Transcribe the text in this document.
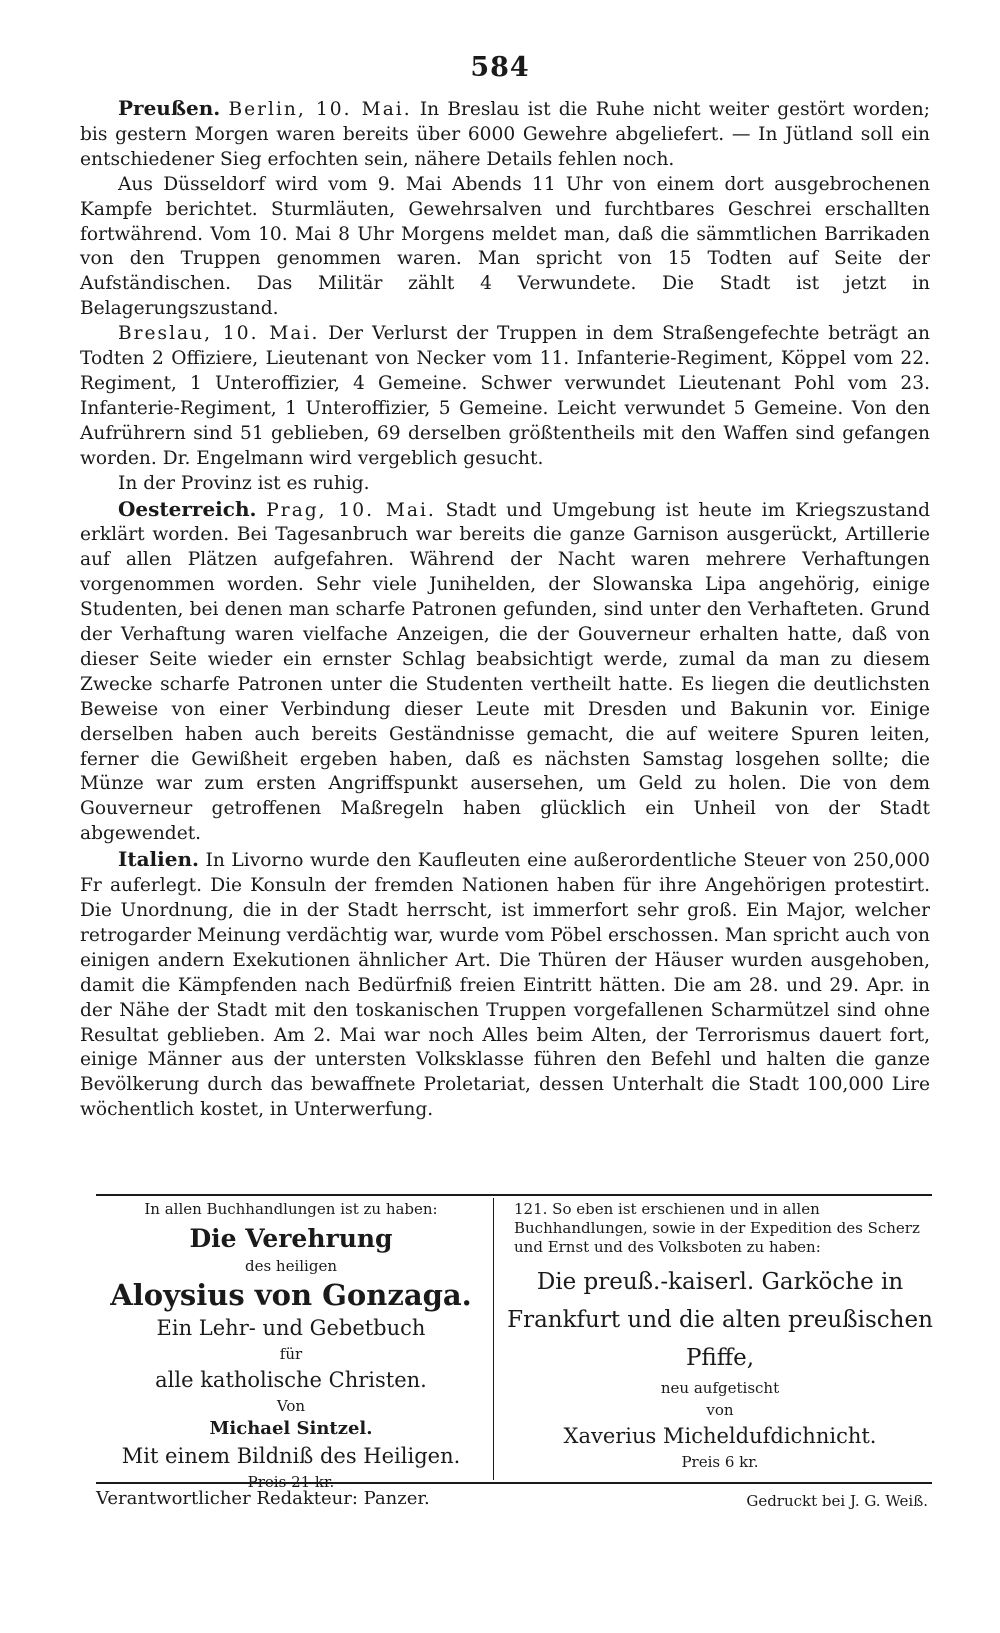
584

Preußen. Berlin, 10. Mai. In Breslau ist die Ruhe nicht weiter gestört worden; bis gestern Morgen waren bereits über 6000 Gewehre abgeliefert. — In Jütland soll ein entschiedener Sieg erfochten sein, nähere Details fehlen noch.

Aus Düsseldorf wird vom 9. Mai Abends 11 Uhr von einem dort ausgebrochenen Kampfe berichtet. Sturmläuten, Gewehrsalven und furchtbares Geschrei erschallten fortwährend. Vom 10. Mai 8 Uhr Morgens meldet man, daß die sämmtlichen Barrikaden von den Truppen genommen waren. Man spricht von 15 Todten auf Seite der Aufständischen. Das Militär zählt 4 Verwundete. Die Stadt ist jetzt in Belagerungszustand.

Breslau, 10. Mai. Der Verlurst der Truppen in dem Straßengefechte beträgt an Todten 2 Offiziere, Lieutenant von Necker vom 11. Infanterie-Regiment, Köppel vom 22. Regiment, 1 Unteroffizier, 4 Gemeine. Schwer verwundet Lieutenant Pohl vom 23. Infanterie-Regiment, 1 Unteroffizier, 5 Gemeine. Leicht verwundet 5 Gemeine. Von den Aufrührern sind 51 geblieben, 69 derselben größtentheils mit den Waffen sind gefangen worden. Dr. Engelmann wird vergeblich gesucht.

In der Provinz ist es ruhig.

Oesterreich. Prag, 10. Mai. Stadt und Umgebung ist heute im Kriegszustand erklärt worden. Bei Tagesanbruch war bereits die ganze Garnison ausgerückt, Artillerie auf allen Plätzen aufgefahren. Während der Nacht waren mehrere Verhaftungen vorgenommen worden. Sehr viele Junihelden, der Slowanska Lipa angehörig, einige Studenten, bei denen man scharfe Patronen gefunden, sind unter den Verhafteten. Grund der Verhaftung waren vielfache Anzeigen, die der Gouverneur erhalten hatte, daß von dieser Seite wieder ein ernster Schlag beabsichtigt werde, zumal da man zu diesem Zwecke scharfe Patronen unter die Studenten vertheilt hatte. Es liegen die deutlichsten Beweise von einer Verbindung dieser Leute mit Dresden und Bakunin vor. Einige derselben haben auch bereits Geständnisse gemacht, die auf weitere Spuren leiten, ferner die Gewißheit ergeben haben, daß es nächsten Samstag losgehen sollte; die Münze war zum ersten Angriffspunkt ausersehen, um Geld zu holen. Die von dem Gouverneur getroffenen Maßregeln haben glücklich ein Unheil von der Stadt abgewendet.

Italien. In Livorno wurde den Kaufleuten eine außerordentliche Steuer von 250,000 Fr auferlegt. Die Konsuln der fremden Nationen haben für ihre Angehörigen protestirt. Die Unordnung, die in der Stadt herrscht, ist immerfort sehr groß. Ein Major, welcher retrogarder Meinung verdächtig war, wurde vom Pöbel erschossen. Man spricht auch von einigen andern Exekutionen ähnlicher Art. Die Thüren der Häuser wurden ausgehoben, damit die Kämpfenden nach Bedürfniß freien Eintritt hätten. Die am 28. und 29. Apr. in der Nähe der Stadt mit den toskanischen Truppen vorgefallenen Scharmützel sind ohne Resultat geblieben. Am 2. Mai war noch Alles beim Alten, der Terrorismus dauert fort, einige Männer aus der untersten Volksklasse führen den Befehl und halten die ganze Bevölkerung durch das bewaffnete Proletariat, dessen Unterhalt die Stadt 100,000 Lire wöchentlich kostet, in Unterwerfung.

In allen Buchhandlungen ist zu haben:
Die Verehrung
des heiligen
Aloysius von Gonzaga.
Ein Lehr- und Gebetbuch
für
alle katholische Christen.
Von
Michael Sintzel.
Mit einem Bildniß des Heiligen.
Preis 21 kr.
121. So eben ist erschienen und in allen Buchhandlungen, sowie in der Expedition des Scherz und Ernst und des Volksboten zu haben:
Die preuß.-kaiserl. Garköche in
Frankfurt und die alten preußischen
Pfiffe,
neu aufgetischt
von
Xaverius Micheldufdichnicht.
Preis 6 kr.
Verantwortlicher Redakteur: Panzer.	Gedruckt bei J. G. Weiß.
